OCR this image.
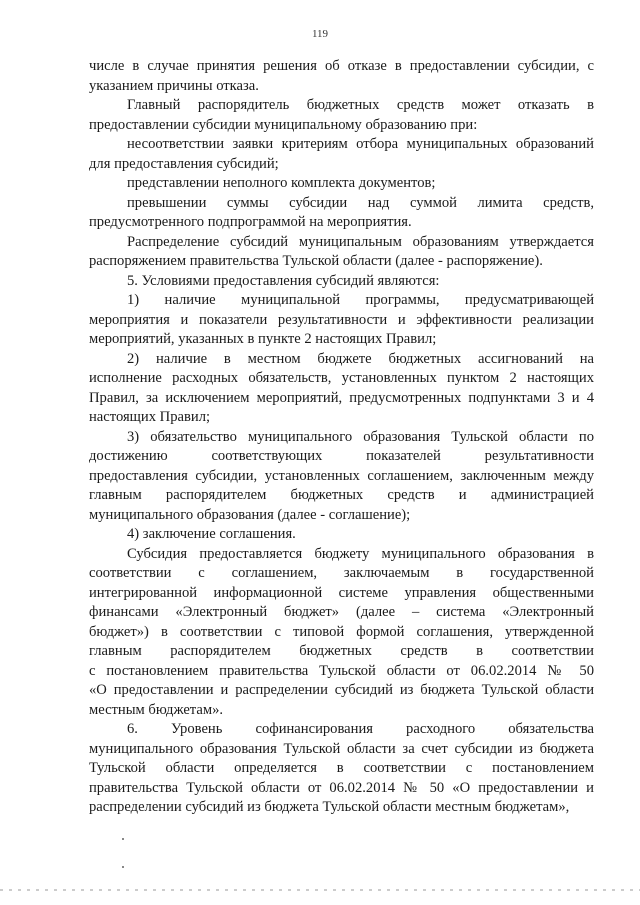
119
числе в случае принятия решения об отказе в предоставлении субсидии, с
указанием причины отказа.
Главный распорядитель бюджетных средств может отказать в
предоставлении субсидии муниципальному образованию при:
несоответствии заявки критериям отбора муниципальных образований
для предоставления субсидий;
представлении неполного комплекта документов;
превышении суммы субсидии над суммой лимита средств,
предусмотренного подпрограммой на мероприятия.
Распределение субсидий муниципальным образованиям утверждается
распоряжением правительства Тульской области (далее - распоряжение).
5. Условиями предоставления субсидий являются:
1) наличие муниципальной программы, предусматривающей
мероприятия и показатели результативности и эффективности реализации
мероприятий, указанных в пункте 2 настоящих Правил;
2) наличие в местном бюджете бюджетных ассигнований на
исполнение расходных обязательств, установленных пунктом 2 настоящих
Правил, за исключением мероприятий, предусмотренных подпунктами 3 и 4
настоящих Правил;
3) обязательство муниципального образования Тульской области по
достижению соответствующих показателей результативности
предоставления субсидии, установленных соглашением, заключенным между
главным распорядителем бюджетных средств и администрацией
муниципального образования (далее - соглашение);
4) заключение соглашения.
Субсидия предоставляется бюджету муниципального образования в
соответствии с соглашением, заключаемым в государственной
интегрированной информационной системе управления общественными
финансами «Электронный бюджет» (далее – система «Электронный
бюджет») в соответствии с типовой формой соглашения, утвержденной
главным распорядителем бюджетных средств в соответствии
с постановлением правительства Тульской области от 06.02.2014 № 50
«О предоставлении и распределении субсидий из бюджета Тульской области
местным бюджетам».
6. Уровень софинансирования расходного обязательства
муниципального образования Тульской области за счет субсидии из бюджета
Тульской области определяется в соответствии с постановлением
правительства Тульской области от 06.02.2014 № 50 «О предоставлении и
распределении субсидий из бюджета Тульской области местным бюджетам»,
